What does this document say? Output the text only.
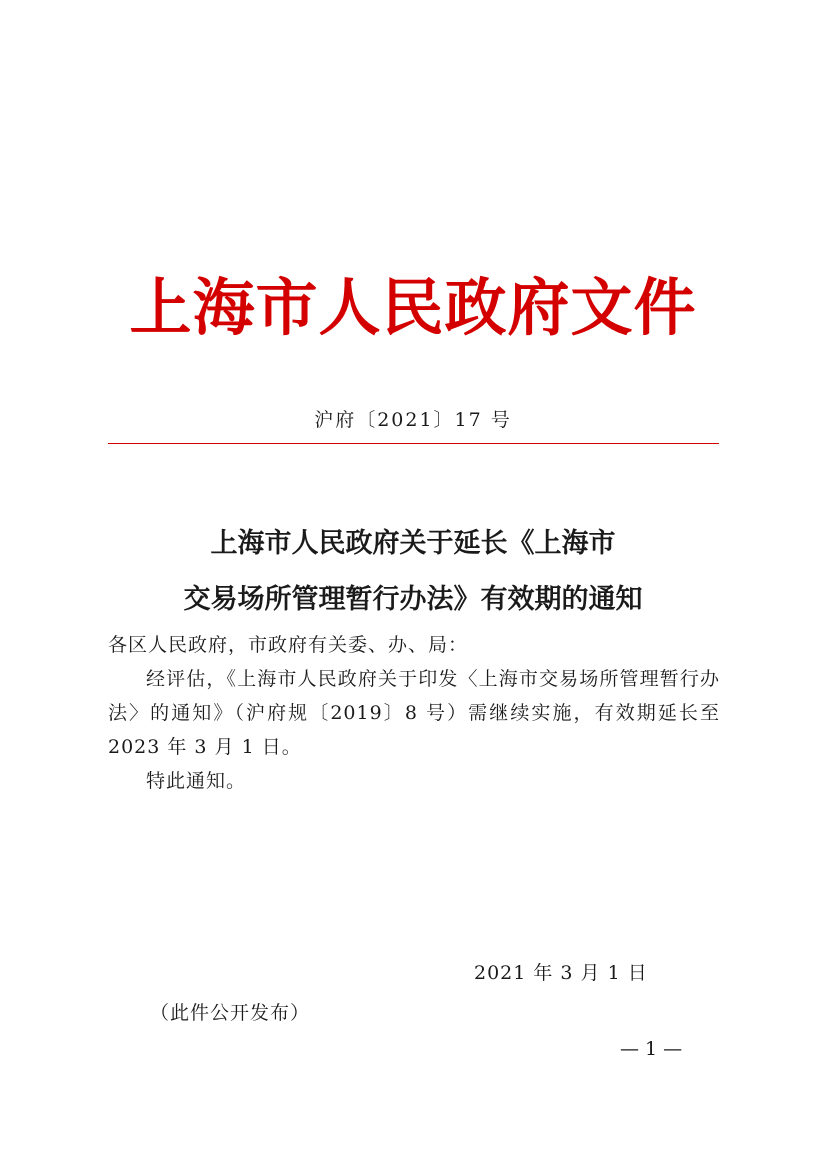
上海市人民政府文件
沪府〔2021〕17 号
上海市人民政府关于延长《上海市
交易场所管理暂行办法》有效期的通知

各区人民政府，市政府有关委、办、局：

经评估，《上海市人民政府关于印发〈上海市交易场所管理暂行办法〉的通知》（沪府规〔2019〕8 号）需继续实施，有效期延长至 2023 年 3 月 1 日。

特此通知。

2021 年 3 月 1 日
（此件公开发布）
— 1 —
